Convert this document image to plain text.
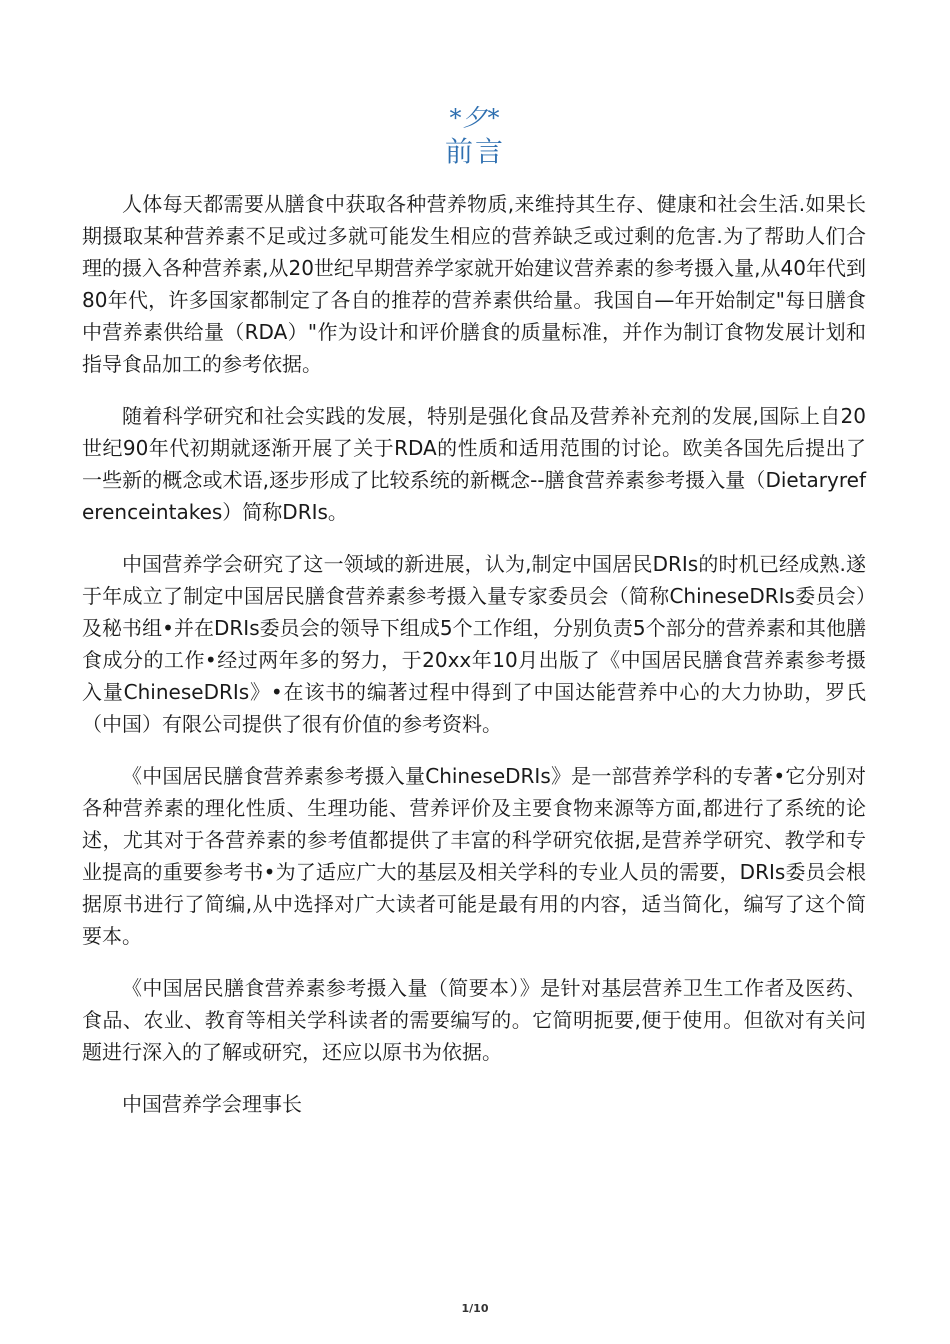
*夕*
前言

人体每天都需要从膳食中获取各种营养物质,来维持其生存、健康和社会生活.如果长期摄取某种营养素不足或过多就可能发生相应的营养缺乏或过剩的危害.为了帮助人们合理的摄入各种营养素,从20世纪早期营养学家就开始建议营养素的参考摄入量,从40年代到80年代，许多国家都制定了各自的推荐的营养素供给量。我国自—年开始制定"每日膳食中营养素供给量（RDA）"作为设计和评价膳食的质量标准，并作为制订食物发展计划和指导食品加工的参考依据。

随着科学研究和社会实践的发展，特别是强化食品及营养补充剂的发展,国际上自20世纪90年代初期就逐渐开展了关于RDA的性质和适用范围的讨论。欧美各国先后提出了一些新的概念或术语,逐步形成了比较系统的新概念--膳食营养素参考摄入量（Dietaryreferenceintakes）简称DRIs。

中国营养学会研究了这一领域的新进展，认为,制定中国居民DRIs的时机已经成熟.遂于年成立了制定中国居民膳食营养素参考摄入量专家委员会（简称ChineseDRIs委员会）及秘书组•并在DRIs委员会的领导下组成5个工作组，分别负责5个部分的营养素和其他膳食成分的工作•经过两年多的努力，于20xx年10月出版了《中国居民膳食营养素参考摄入量ChineseDRIs》•在该书的编著过程中得到了中国达能营养中心的大力协助，罗氏（中国）有限公司提供了很有价值的参考资料。

《中国居民膳食营养素参考摄入量ChineseDRIs》是一部营养学科的专著•它分别对各种营养素的理化性质、生理功能、营养评价及主要食物来源等方面,都进行了系统的论述，尤其对于各营养素的参考值都提供了丰富的科学研究依据,是营养学研究、教学和专业提高的重要参考书•为了适应广大的基层及相关学科的专业人员的需要，DRIs委员会根据原书进行了简编,从中选择对广大读者可能是最有用的内容，适当简化，编写了这个简要本。

《中国居民膳食营养素参考摄入量（简要本）》是针对基层营养卫生工作者及医药、食品、农业、教育等相关学科读者的需要编写的。它简明扼要,便于使用。但欲对有关问题进行深入的了解或研究，还应以原书为依据。

中国营养学会理事长

1/10
